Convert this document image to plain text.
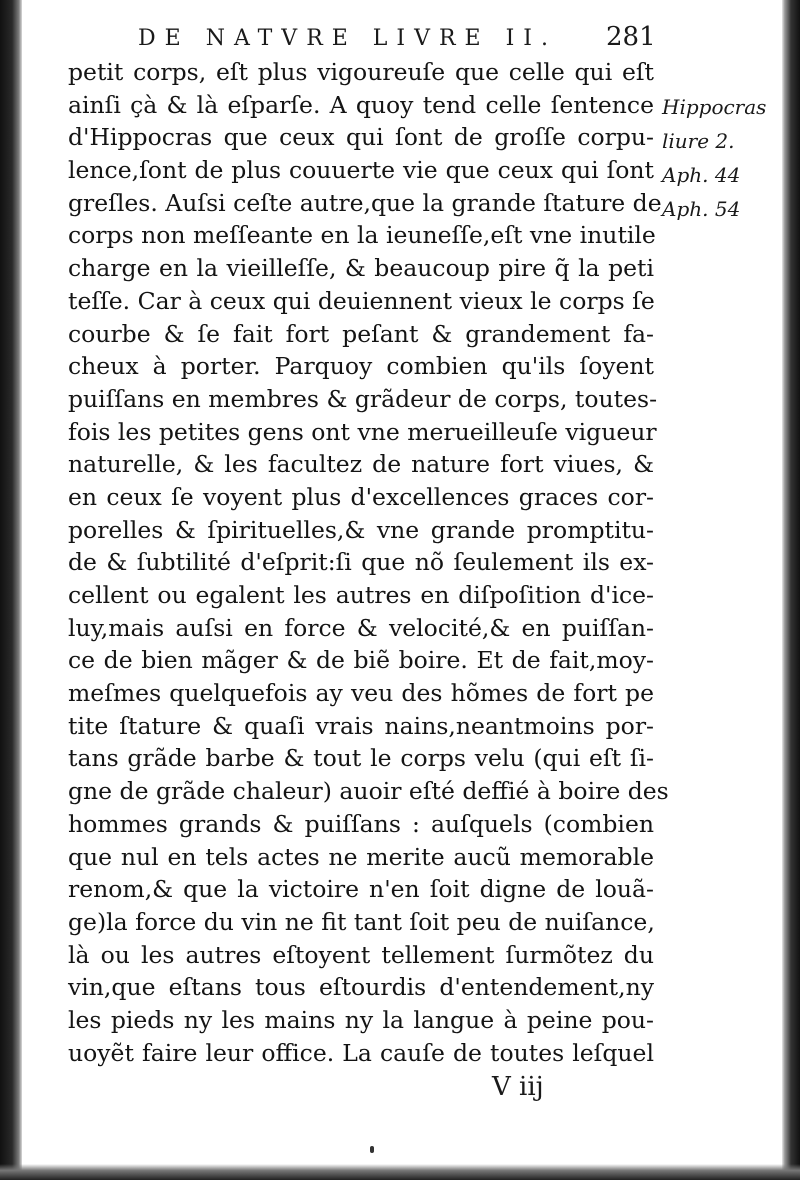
DE NATVRE LIVRE II. 281
petit corps, eſt plus vigoureuſe que celle qui eſt
ainſi çà & là eſparſe. A quoy tend celle ſentence
d'Hippocras que ceux qui ſont de groſſe corpu-
lence,ſont de plus couuerte vie que ceux qui ſont
greſles. Auſsi ceſte autre,que la grande ſtature de
corps non meſſeante en la ieuneſſe,eſt vne inutile
charge en la vieilleſſe, & beaucoup pire q̃ la peti
teſſe. Car à ceux qui deuiennent vieux le corps ſe
courbe & ſe fait fort peſant & grandement fa-
cheux à porter. Parquoy combien qu'ils ſoyent
puiſſans en membres & grãdeur de corps, toutes-
fois les petites gens ont vne merueilleuſe vigueur
naturelle, & les facultez de nature fort viues, &
en ceux ſe voyent plus d'excellences graces cor-
porelles & ſpirituelles,& vne grande promptitu-
de & ſubtilité d'eſprit:ſi que nõ ſeulement ils ex-
cellent ou egalent les autres en diſpoſition d'ice-
luy,mais auſsi en force & velocité,& en puiſſan-
ce de bien mãger & de biẽ boire. Et de fait,moy-
meſmes quelquefois ay veu des hõmes de fort pe
tite ſtature & quaſi vrais nains,neantmoins por-
tans grãde barbe & tout le corps velu (qui eſt ſi-
gne de grãde chaleur) auoir eſté deffié à boire des
hommes grands & puiſſans : auſquels (combien
que nul en tels actes ne merite aucũ memorable
renom,& que la victoire n'en ſoit digne de louã-
ge)la force du vin ne fit tant ſoit peu de nuiſance,
là ou les autres eſtoyent tellement ſurmõtez du
vin,que eſtans tous eſtourdis d'entendement,ny
les pieds ny les mains ny la langue à peine pou-
uoyẽt faire leur office. La cauſe de toutes leſquel
Hippocras
liure 2.
Aph. 44
Aph. 54
V iij
